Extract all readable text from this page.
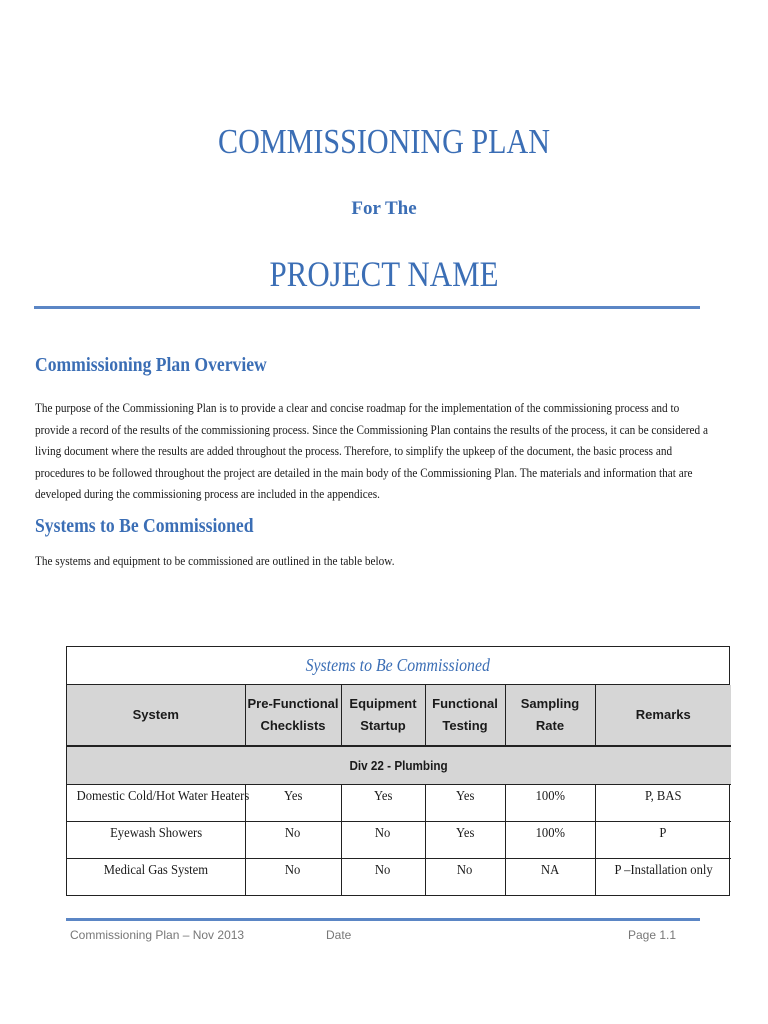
COMMISSIONING PLAN
For The
PROJECT NAME
Commissioning Plan Overview

The purpose of the Commissioning Plan is to provide a clear and concise roadmap for the implementation of the commissioning process and to provide a record of the results of the commissioning process. Since the Commissioning Plan contains the results of the process, it can be considered a living document where the results are added throughout the process. Therefore, to simplify the upkeep of the document, the basic process and procedures to be followed throughout the project are detailed in the main body of the Commissioning Plan. The materials and information that are developed during the commissioning process are included in the appendices.

Systems to Be Commissioned

The systems and equipment to be commissioned are outlined in the table below.

Systems to Be Commissioned
System	Pre-Functional Checklists	Equipment Startup	Functional Testing	Sampling Rate	Remarks
Div 22 - Plumbing					
Domestic Cold/Hot Water Heaters	Yes	Yes	Yes	100%	P, BAS
Eyewash Showers	No	No	Yes	100%	P
Medical Gas System	No	No	No	NA	P –Installation only
Commissioning Plan – Nov 2013	Date	Page 1.1
